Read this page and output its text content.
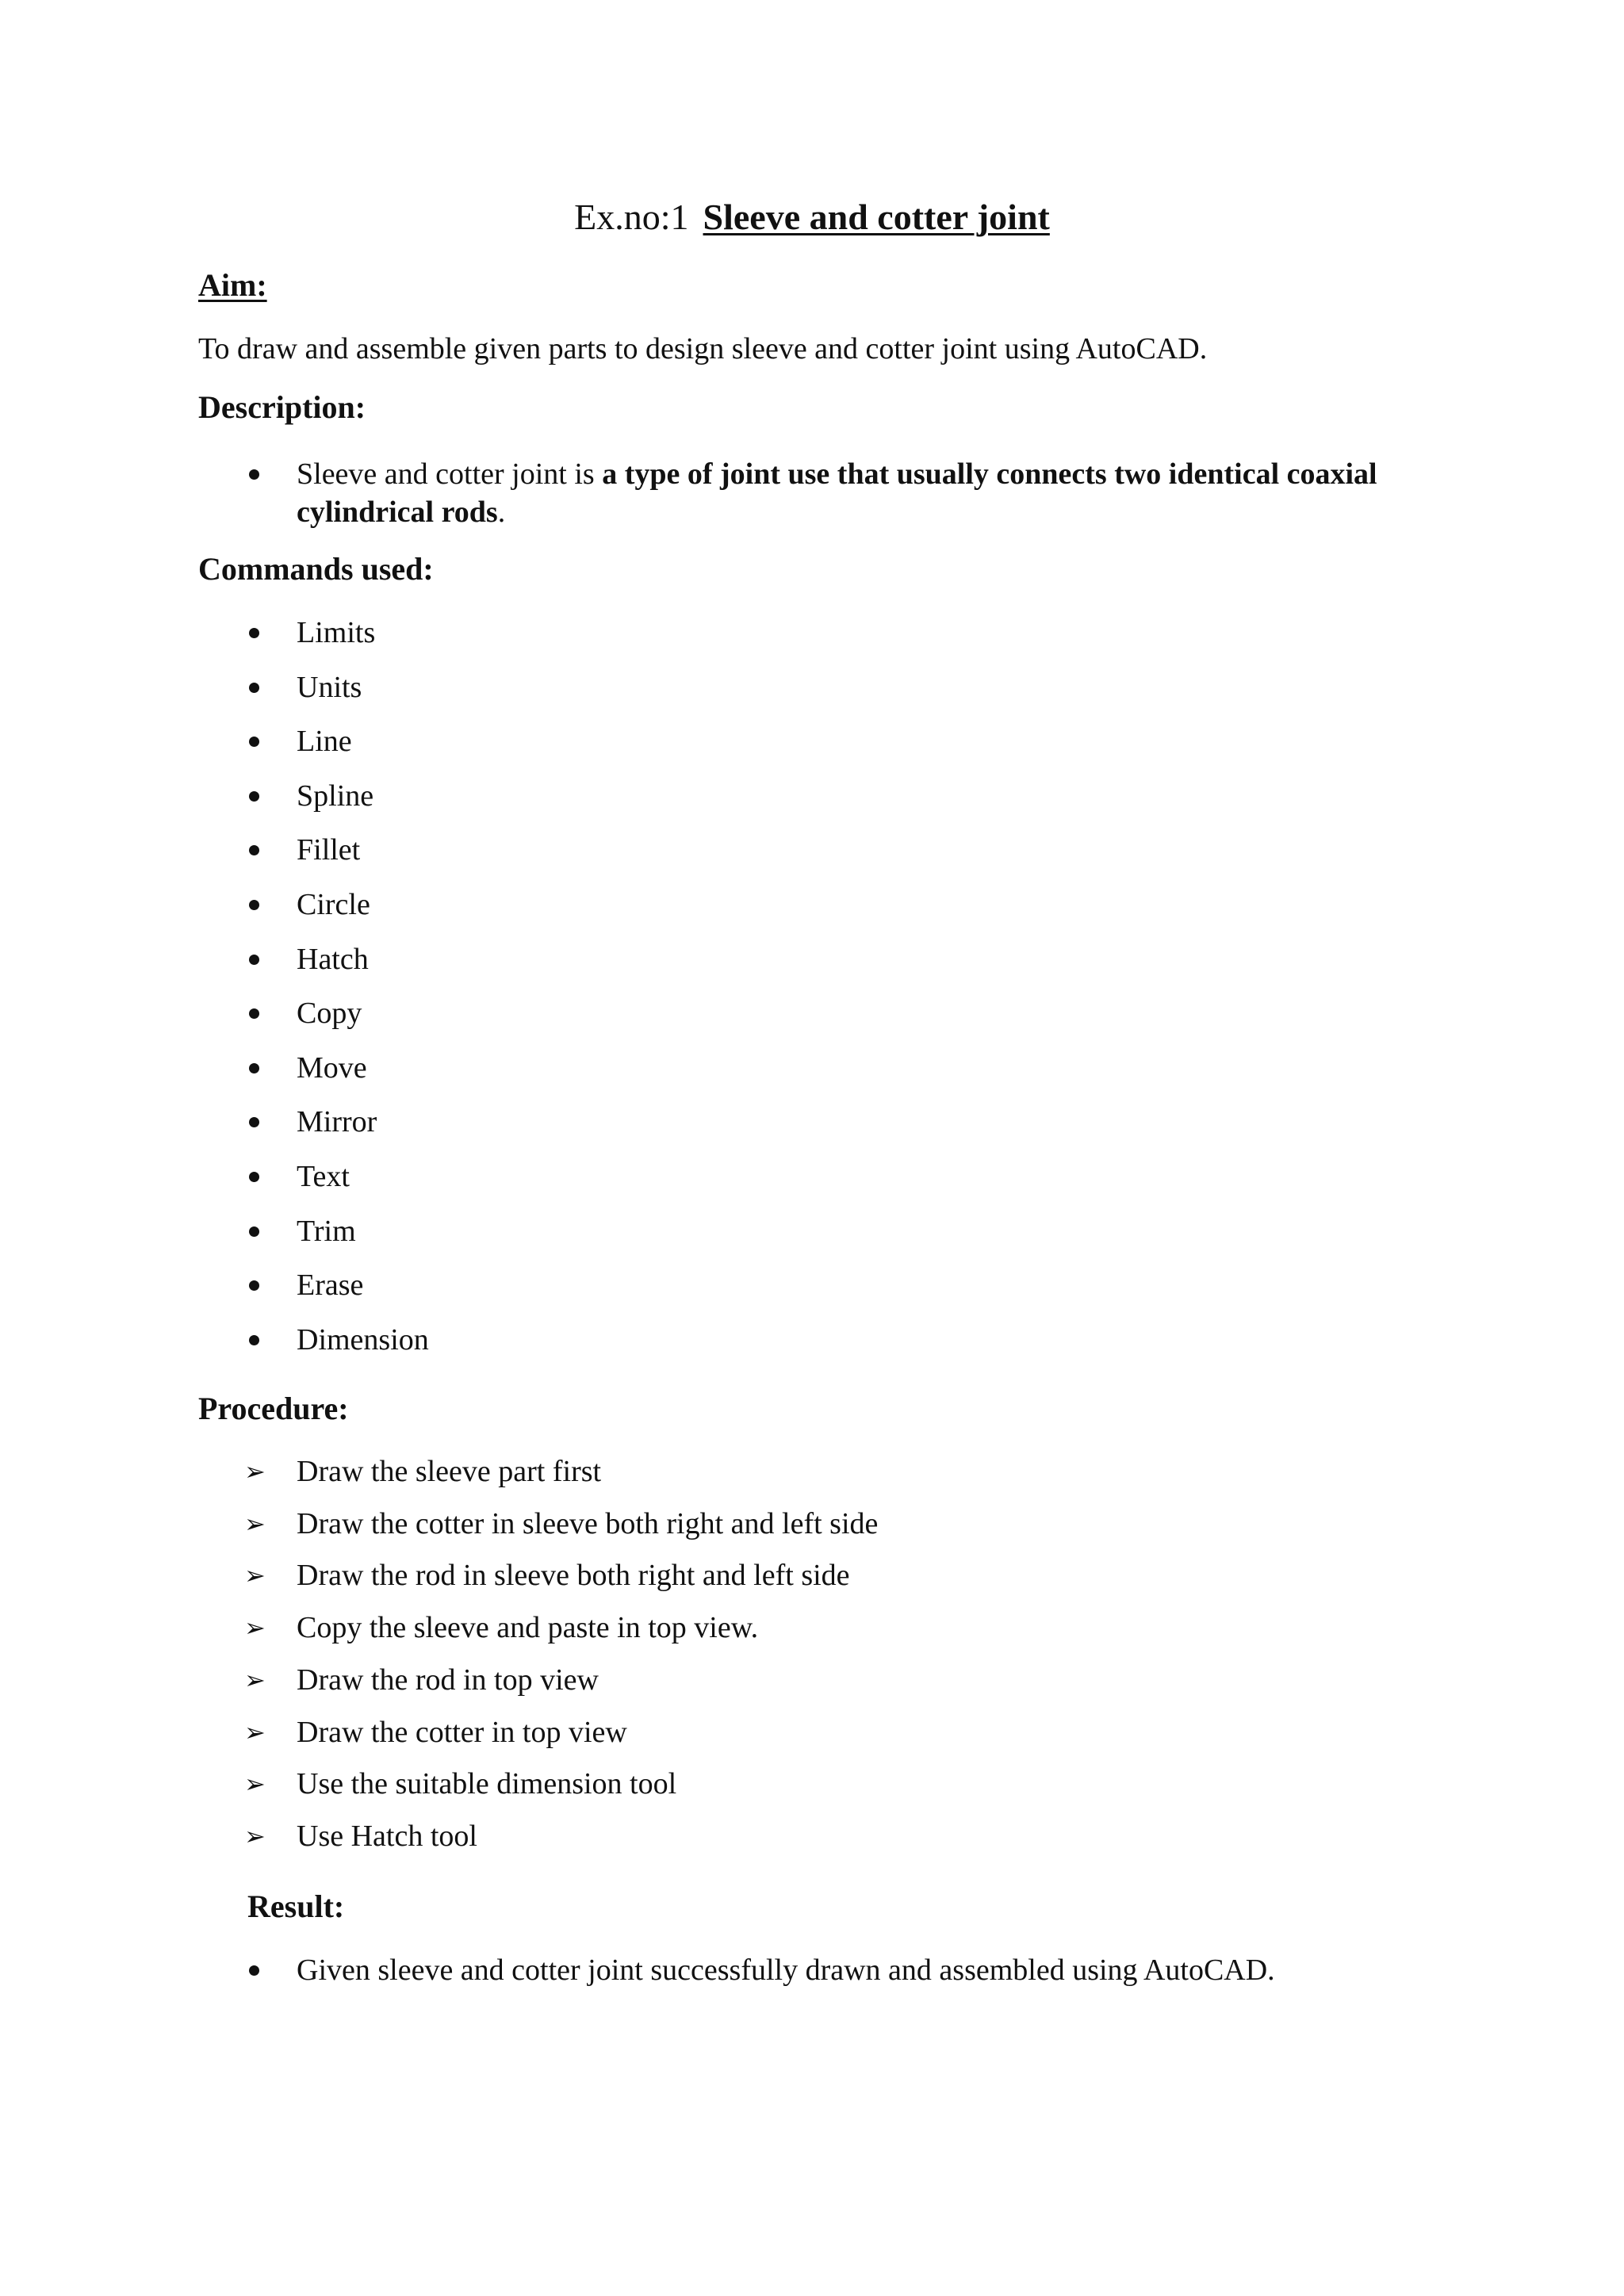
Ex.no:1 Sleeve and cotter joint
Aim:
To draw and assemble given parts to design sleeve and cotter joint using AutoCAD.
Description:
Sleeve and cotter joint is a type of joint use that usually connects two identical coaxial cylindrical rods.
Commands used:
Limits
Units
Line
Spline
Fillet
Circle
Hatch
Copy
Move
Mirror
Text
Trim
Erase
Dimension
Procedure:
➢ Draw the sleeve part first
➢ Draw the cotter in sleeve both right and left side
➢ Draw the rod in sleeve both right and left side
➢ Copy the sleeve and paste in top view.
➢ Draw the rod in top view
➢ Draw the cotter in top view
➢ Use the suitable dimension tool
➢ Use Hatch tool
Result:
Given sleeve and cotter joint successfully drawn and assembled using AutoCAD.
